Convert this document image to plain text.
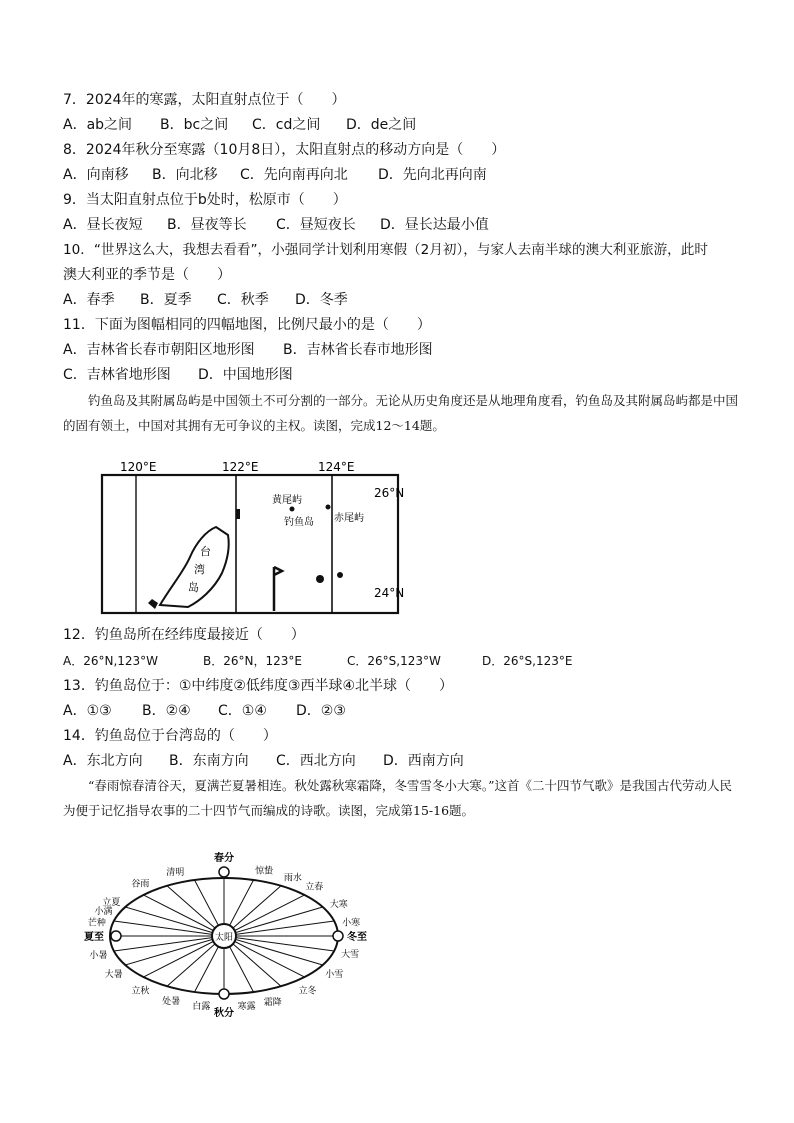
7．2024年的寒露，太阳直射点位于（　　）
A．ab之间 B．bc之间 C．cd之间 D．de之间
8．2024年秋分至寒露（10月8日），太阳直射点的移动方向是（　　）
A．向南移 B．向北移 C．先向南再向北 D．先向北再向南
9．当太阳直射点位于b处时，松原市（　　）
A．昼长夜短 B．昼夜等长 C．昼短夜长 D．昼长达最小值
10．“世界这么大，我想去看看”，小强同学计划利用寒假（2月初），与家人去南半球的澳大利亚旅游，此时
澳大利亚的季节是（　　）
A．春季 B．夏季 C．秋季 D．冬季
11．下面为图幅相同的四幅地图，比例尺最小的是（　　）
A．吉林省长春市朝阳区地形图 B．吉林省长春市地形图
C．吉林省地形图 D．中国地形图
钓鱼岛及其附属岛屿是中国领土不可分割的一部分。无论从历史角度还是从地理角度看，钓鱼岛及其附属岛屿都是中国的固有领土，中国对其拥有无可争议的主权。读图，完成12～14题。
120°E	122°E	124°E
26°N
24°N
台
湾
岛
黄尾屿
钓鱼岛 赤尾屿
12．钓鱼岛所在经纬度最接近（　　）
A．26°N,123°W	B．26°N，123°E	C．26°S,123°W	D．26°S,123°E
13．钓鱼岛位于：①中纬度②低纬度③西半球④北半球（　　）
A．①③ B．②④ C．①④ D．②③
14．钓鱼岛位于台湾岛的（　　）
A．东北方向 B．东南方向 C．西北方向 D．西南方向
“春雨惊春清谷天，夏满芒夏暑相连。秋处露秋寒霜降，冬雪雪冬小大寒。”这首《二十四节气歌》是我国古代劳动人民为便于记忆指导农事的二十四节气而编成的诗歌。读图，完成第15-16题。
太阳
春分
夏至
秋分
冬至
立夏
谷雨
清明	惊蛰
雨水
立春
大寒
小寒
大雪
小雪
立冬
霜降
寒露
白露
处暑
立秋
大暑
小暑
芒种
小满
